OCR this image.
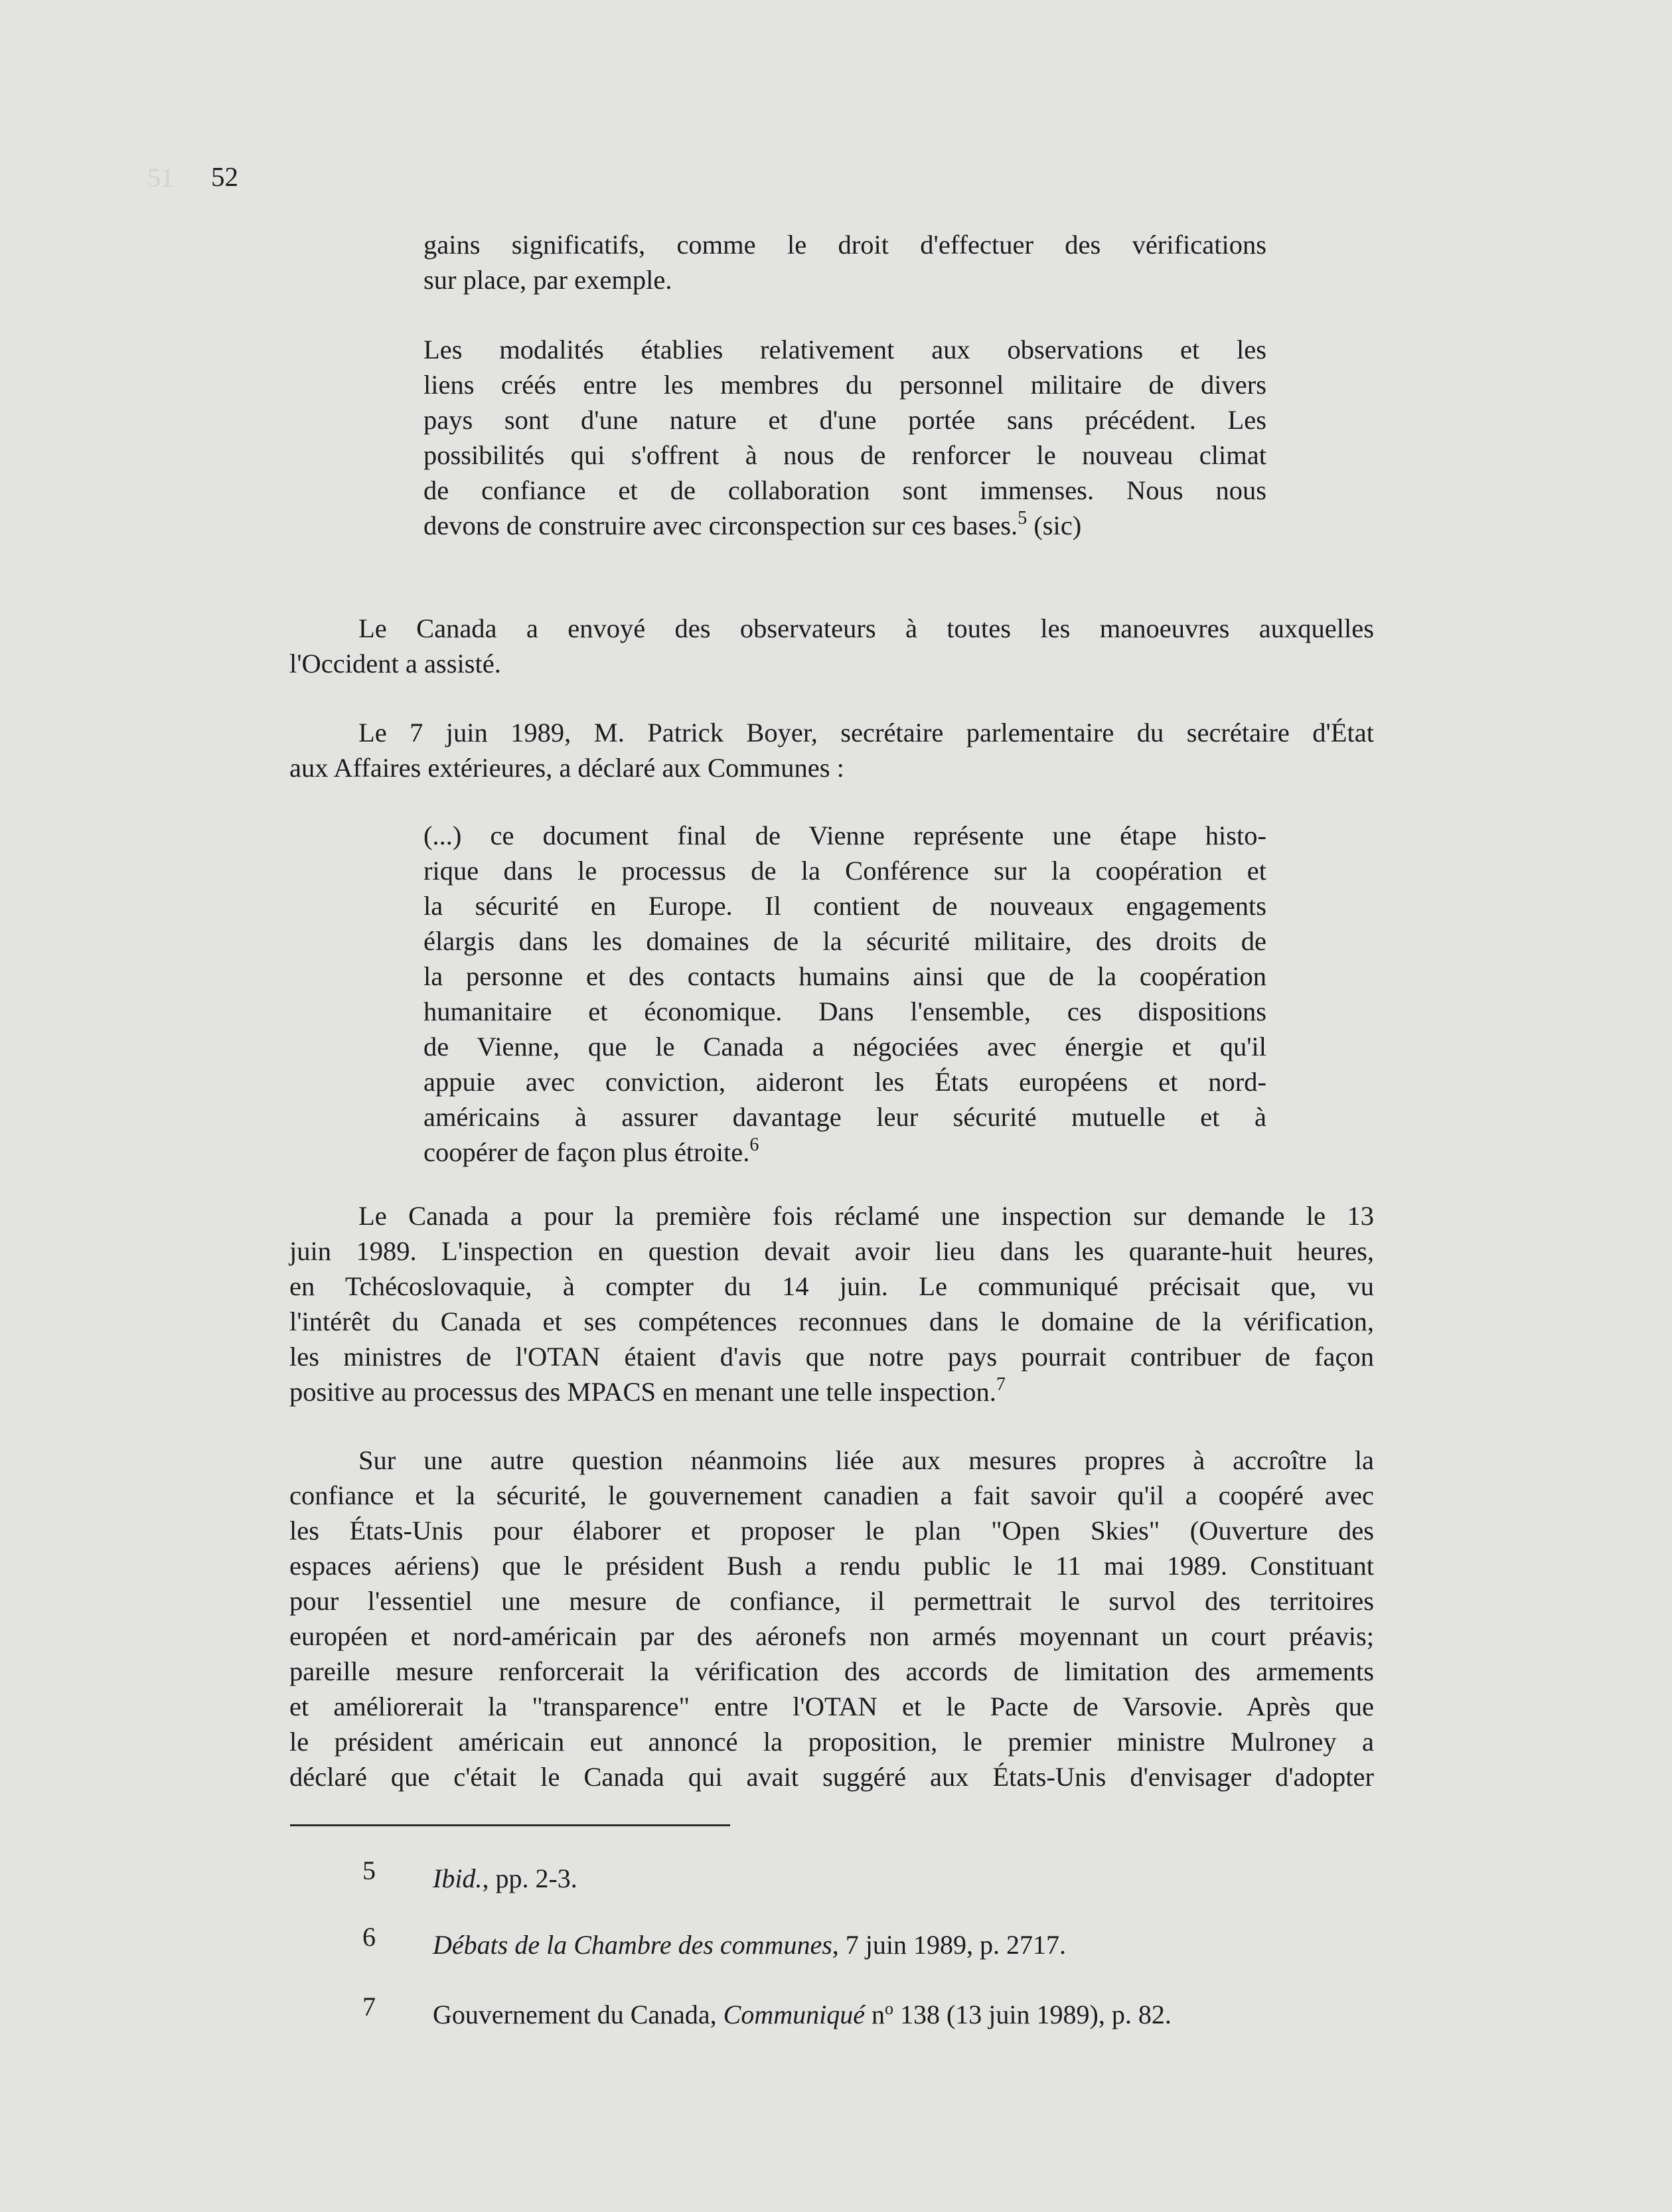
51 52

gains significatifs, comme le droit d'effectuer des vérifications

sur place, par exemple.

Les modalités établies relativement aux observations et les

liens créés entre les membres du personnel militaire de divers

pays sont d'une nature et d'une portée sans précédent. Les

possibilités qui s'offrent à nous de renforcer le nouveau climat

de confiance et de collaboration sont immenses. Nous nous

devons de construire avec circonspection sur ces bases.$^5$ (sic)

Le Canada a envoyé des observateurs à toutes les manoeuvres auxquelles

l'Occident a assisté.

Le 7 juin 1989, M. Patrick Boyer, secrétaire parlementaire du secrétaire d'État

aux Affaires extérieures, a déclaré aux Communes :

(...) ce document final de Vienne représente une étape histo-

rique dans le processus de la Conférence sur la coopération et

la sécurité en Europe. Il contient de nouveaux engagements

élargis dans les domaines de la sécurité militaire, des droits de

la personne et des contacts humains ainsi que de la coopération

humanitaire et économique. Dans l'ensemble, ces dispositions

de Vienne, que le Canada a négociées avec énergie et qu'il

appuie avec conviction, aideront les États européens et nord-

américains à assurer davantage leur sécurité mutuelle et à

coopérer de façon plus étroite.$^6$

Le Canada a pour la première fois réclamé une inspection sur demande le 13

juin 1989. L'inspection en question devait avoir lieu dans les quarante-huit heures,

en Tchécoslovaquie, à compter du 14 juin. Le communiqué précisait que, vu

l'intérêt du Canada et ses compétences reconnues dans le domaine de la vérification,

les ministres de l'OTAN étaient d'avis que notre pays pourrait contribuer de façon

positive au processus des MPACS en menant une telle inspection.$^7$

Sur une autre question néanmoins liée aux mesures propres à accroître la

confiance et la sécurité, le gouvernement canadien a fait savoir qu'il a coopéré avec

les États-Unis pour élaborer et proposer le plan "Open Skies" (Ouverture des

espaces aériens) que le président Bush a rendu public le 11 mai 1989. Constituant

pour l'essentiel une mesure de confiance, il permettrait le survol des territoires

européen et nord-américain par des aéronefs non armés moyennant un court préavis;

pareille mesure renforcerait la vérification des accords de limitation des armements

et améliorerait la "transparence" entre l'OTAN et le Pacte de Varsovie. Après que

le président américain eut annoncé la proposition, le premier ministre Mulroney a

déclaré que c'était le Canada qui avait suggéré aux États-Unis d'envisager d'adopter

5 Ibid., pp. 2-3.
6 Débats de la Chambre des communes, 7 juin 1989, p. 2717.
7 Gouvernement du Canada, Communiqué $n^o$ 138 (13 juin 1989), p. 82.
